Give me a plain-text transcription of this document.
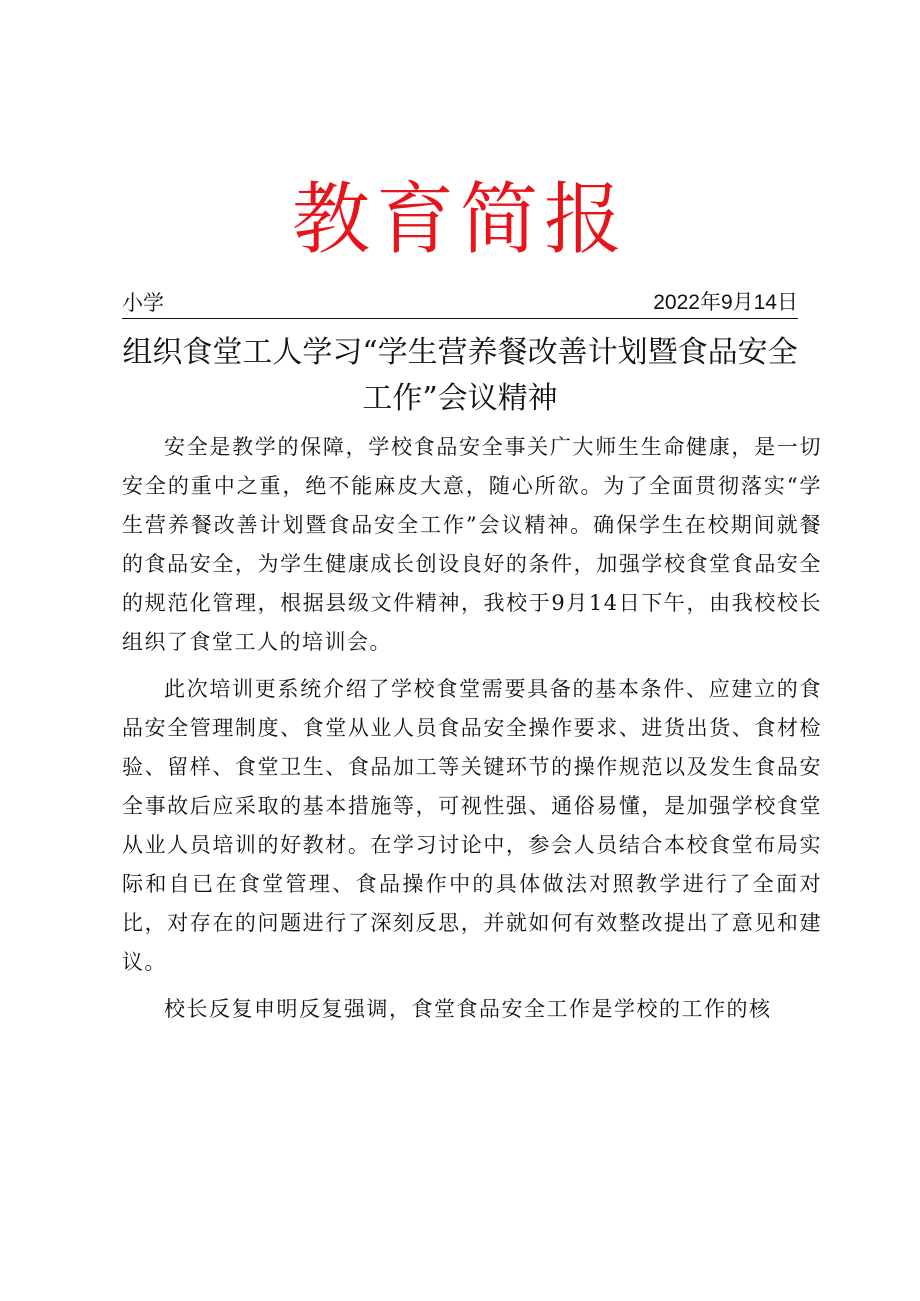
教育简报
小学	2022年9月14日
组织食堂工人学习“学生营养餐改善计划暨食品安全工作”会议精神

安全是教学的保障，学校食品安全事关广大师生生命健康，是一切安全的重中之重，绝不能麻皮大意，随心所欲。为了全面贯彻落实“学生营养餐改善计划暨食品安全工作”会议精神。确保学生在校期间就餐的食品安全，为学生健康成长创设良好的条件，加强学校食堂食品安全的规范化管理，根据县级文件精神，我校于9月14日下午，由我校校长组织了食堂工人的培训会。

此次培训更系统介绍了学校食堂需要具备的基本条件、应建立的食品安全管理制度、食堂从业人员食品安全操作要求、进货出货、食材检验、留样、食堂卫生、食品加工等关键环节的操作规范以及发生食品安全事故后应采取的基本措施等，可视性强、通俗易懂，是加强学校食堂从业人员培训的好教材。在学习讨论中，参会人员结合本校食堂布局实际和自已在食堂管理、食品操作中的具体做法对照教学进行了全面对比，对存在的问题进行了深刻反思，并就如何有效整改提出了意见和建议。

校长反复申明反复强调，食堂食品安全工作是学校的工作的核
